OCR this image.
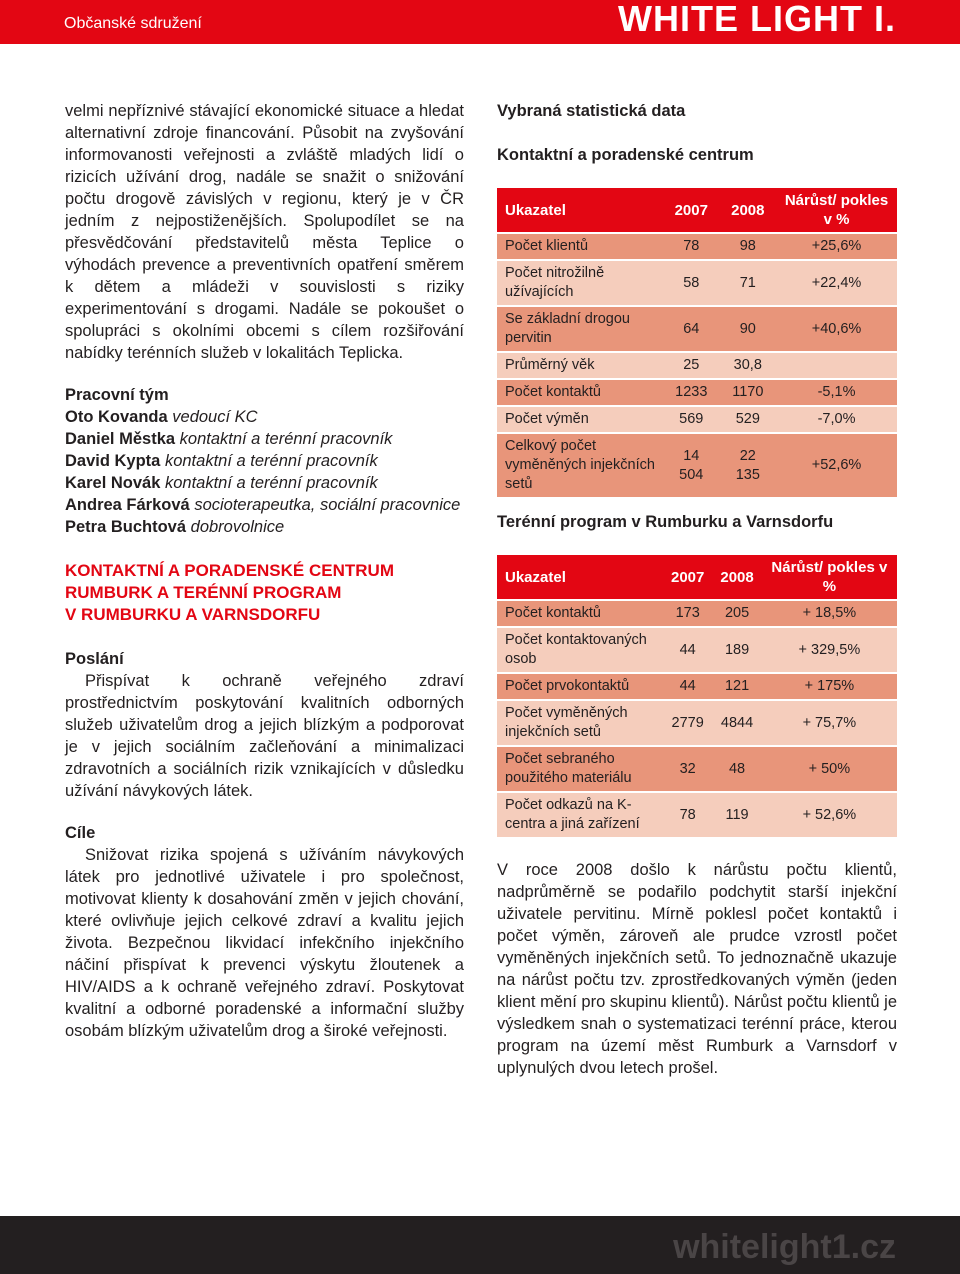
Občanské sdružení	WHITE LIGHT I.

velmi nepříznivé stávající ekonomické situace a hledat alternativní zdroje financování. Působit na zvyšování informovanosti veřejnosti a zvláště mladých lidí o rizicích užívání drog, nadále se snažit o snižování počtu drogově závislých v regionu, který je v ČR jedním z nejpostiženějších. Spolupodílet se na přesvědčování představitelů města Teplice o výhodách prevence a preventivních opatření směrem k dětem a mládeži v souvislosti s riziky experimentování s drogami. Nadále se pokoušet o spolupráci s okolními obcemi s cílem rozšiřování nabídky terénních služeb v lokalitách Teplicka.

Pracovní tým

Oto Kovanda vedoucí KC

Daniel Městka kontaktní a terénní pracovník

David Kypta kontaktní a terénní pracovník

Karel Novák kontaktní a terénní pracovník

Andrea Fárková socioterapeutka, sociální pracovnice

Petra Buchtová dobrovolnice

KONTAKTNÍ A PORADENSKÉ CENTRUM

RUMBURK A TERÉNNÍ PROGRAM

V RUMBURKU A VARNSDORFU

Poslání

Přispívat k ochraně veřejného zdraví prostřednictvím poskytování kvalitních odborných služeb uživatelům drog a jejich blízkým a podporovat je v jejich sociálním začleňování a minimalizaci zdravotních a sociálních rizik vznikajících v důsledku užívání návykových látek.

Cíle

Snižovat rizika spojená s užíváním návykových látek pro jednotlivé uživatele i pro společnost, motivovat klienty k dosahování změn v jejich chování, které ovlivňuje jejich celkové zdraví a kvalitu jejich života. Bezpečnou likvidací infekčního injekčního náčiní přispívat k prevenci výskytu žloutenek a HIV/AIDS a k ochraně veřejného zdraví. Poskytovat kvalitní a odborné poradenské a informační služby osobám blízkým uživatelům drog a široké veřejnosti.

Vybraná statistická data

Kontaktní a poradenské centrum

Ukazatel	2007	2008	Nárůst/ pokles v %
Počet klientů	78	98	+25,6%
Počet nitrožilně užívajících	58	71	+22,4%
Se základní drogou pervitin	64	90	+40,6%
Průměrný věk	25	30,8	
Počet kontaktů	1233	1170	-5,1%
Počet výměn	569	529	-7,0%
Celkový počet vyměněných injekčních setů	14 504	22 135	+52,6%

Terénní program v Rumburku a Varnsdorfu

Ukazatel	2007	2008	Nárůst/ pokles v %
Počet kontaktů	173	205	+ 18,5%
Počet kontaktovaných osob	44	189	+ 329,5%
Počet prvokontaktů	44	121	+ 175%
Počet vyměněných injekčních setů	2779	4844	+ 75,7%
Počet sebraného použitého materiálu	32	48	+ 50%
Počet odkazů na K-centra a jiná zařízení	78	119	+ 52,6%

V roce 2008 došlo k nárůstu počtu klientů, nadprůměrně se podařilo podchytit starší injekční uživatele pervitinu. Mírně poklesl počet kontaktů i počet výměn, zároveň ale prudce vzrostl počet vyměněných injekčních setů. To jednoznačně ukazuje na nárůst počtu tzv. zprostředkovaných výměn (jeden klient mění pro skupinu klientů). Nárůst počtu klientů je výsledkem snah o systematizaci terénní práce, kterou program na území měst Rumburk a Varnsdorf v uplynulých dvou letech prošel.

whitelight1.cz
